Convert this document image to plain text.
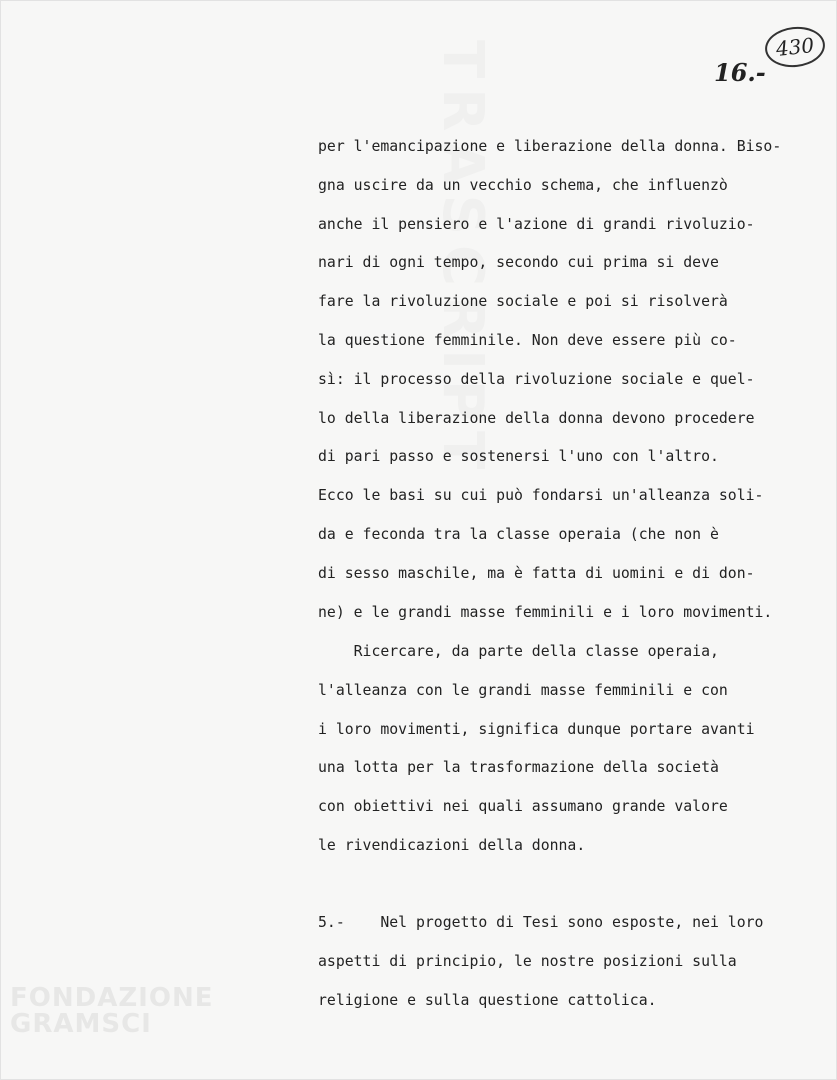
TRASCRIPT
FONDAZIONE
GRAMSCI
16.-
430
per l'emancipazione e liberazione della donna. Biso-
gna uscire da un vecchio schema, che influenzò
anche il pensiero e l'azione di grandi rivoluzio-
nari di ogni tempo, secondo cui prima si deve
fare la rivoluzione sociale e poi si risolverà
la questione femminile. Non deve essere più co-
sì: il processo della rivoluzione sociale e quel-
lo della liberazione della donna devono procedere
di pari passo e sostenersi l'uno con l'altro.
Ecco le basi su cui può fondarsi un'alleanza soli-
da e feconda tra la classe operaia (che non è
di sesso maschile, ma è fatta di uomini e di don-
ne) e le grandi masse femminili e i loro movimenti.
Ricercare, da parte della classe operaia,
l'alleanza con le grandi masse femminili e con
i loro movimenti, significa dunque portare avanti
una lotta per la trasformazione della società
con obiettivi nei quali assumano grande valore
le rivendicazioni della donna.
5.-    Nel progetto di Tesi sono esposte, nei loro
aspetti di principio, le nostre posizioni sulla
religione e sulla questione cattolica.
